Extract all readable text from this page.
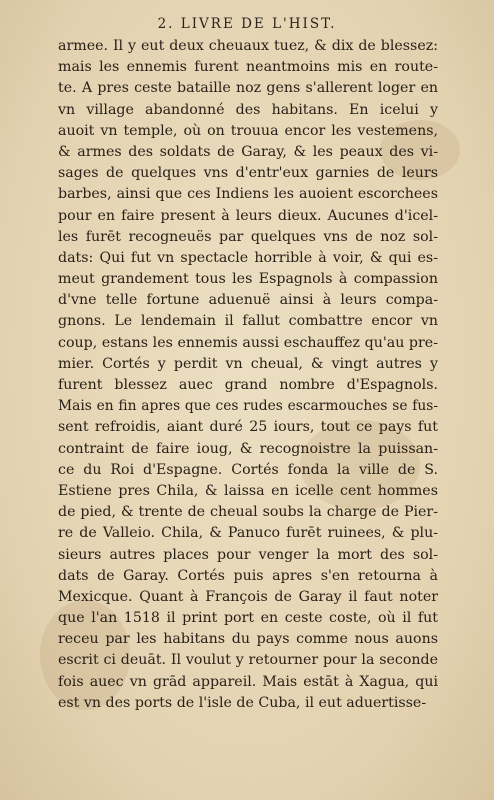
2. LIVRE DE L'HIST.
armee. Il y eut deux cheuaux tuez, & dix de blessez:
mais les ennemis furent neantmoins mis en route-
te. A pres ceste bataille noz gens s'allerent loger en
vn village abandonné des habitans. En icelui y
auoit vn temple, où on trouua encor les vestemens,
& armes des soldats de Garay, & les peaux des vi-
sages de quelques vns d'entr'eux garnies de leurs
barbes, ainsi que ces Indiens les auoient escorchees
pour en faire present à leurs dieux. Aucunes d'icel-
les furēt recogneuës par quelques vns de noz sol-
dats: Qui fut vn spectacle horrible à voir, & qui es-
meut grandement tous les Espagnols à compassion
d'vne telle fortune aduenuë ainsi à leurs compa-
gnons. Le lendemain il fallut combattre encor vn
coup, estans les ennemis aussi eschauffez qu'au pre-
mier. Cortés y perdit vn cheual, & vingt autres y
furent blessez auec grand nombre d'Espagnols.
Mais en fin apres que ces rudes escarmouches se fus-
sent refroidis, aiant duré 25 iours, tout ce pays fut
contraint de faire ioug, & recognoistre la puissan-
ce du Roi d'Espagne. Cortés fonda la ville de S.
Estiene pres Chila, & laissa en icelle cent hommes
de pied, & trente de cheual soubs la charge de Pier-
re de Valleio. Chila, & Panuco furēt ruinees, & plu-
sieurs autres places pour venger la mort des sol-
dats de Garay. Cortés puis apres s'en retourna à
Mexicque. Quant à François de Garay il faut noter
que l'an 1518 il print port en ceste coste, où il fut
receu par les habitans du pays comme nous auons
escrit ci deuāt. Il voulut y retourner pour la seconde
fois auec vn grād appareil. Mais estāt à Xagua, qui
est vn des ports de l'isle de Cuba, il eut aduertisse-
